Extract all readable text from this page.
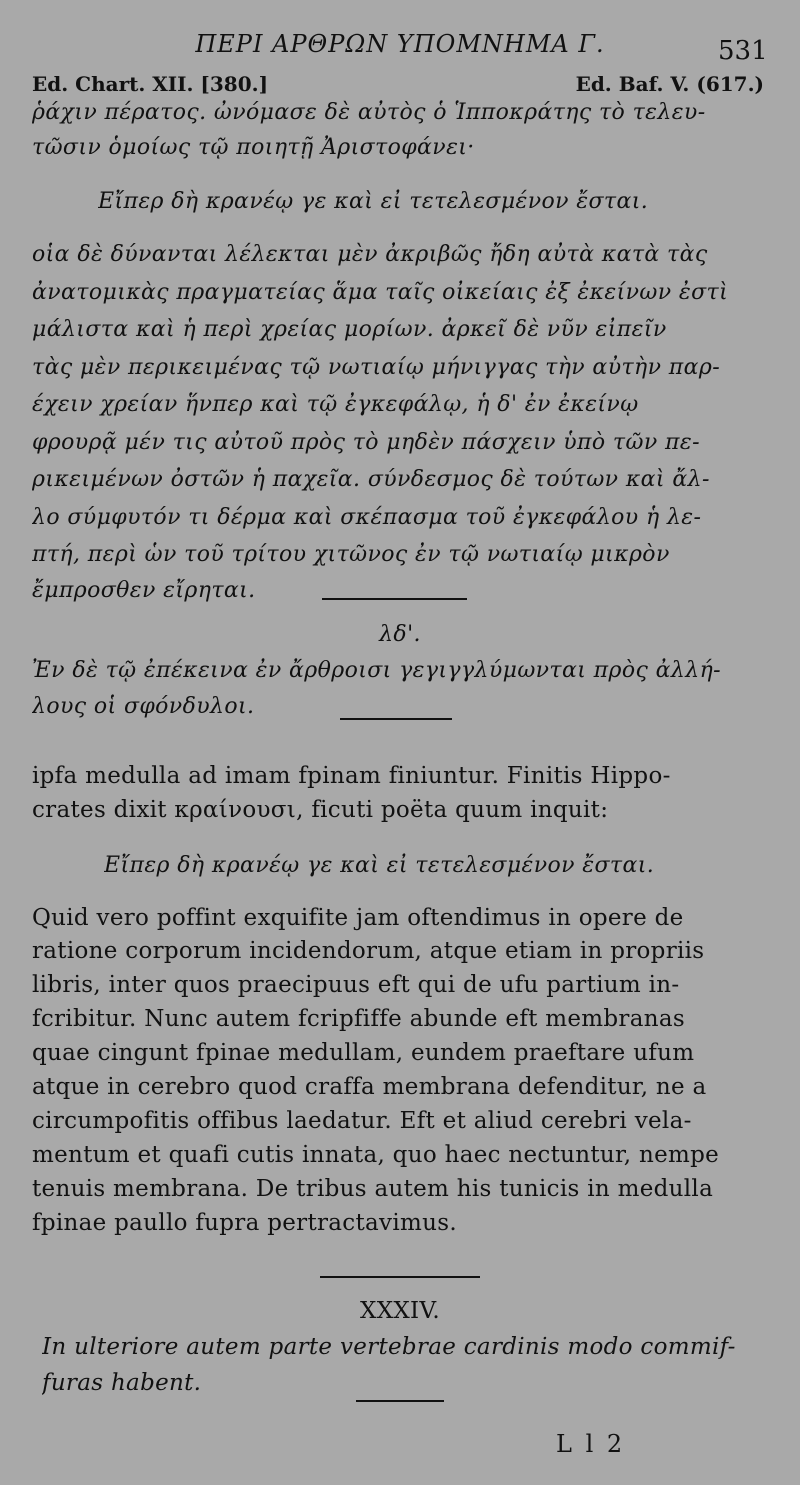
ΠΕΡΙ ΑΡΘΡΩΝ ΥΠΟΜΝΗΜΑ Γ.	531
Ed. Chart. XII. [380.]	Ed. Baf. V. (617.)
ῥάχιν πέρατος. ὠνόμασε δὲ αὐτὸς ὁ Ἱπποκράτης τὸ τελευ-
τῶσιν ὁμοίως τῷ ποιητῇ Ἀριστοφάνει·
Εἴπερ δὴ κρανέῳ γε καὶ εἰ τετελεσμένον ἔσται.
οἷα δὲ δύνανται λέλεκται μὲν ἀκριβῶς ἤδη αὐτὰ κατὰ τὰς
ἀνατομικὰς πραγματείας ἅμα ταῖς οἰκείαις ἐξ ἐκείνων ἐστὶ
μάλιστα καὶ ἡ περὶ χρείας μορίων. ἀρκεῖ δὲ νῦν εἰπεῖν
τὰς μὲν περικειμένας τῷ νωτιαίῳ μήνιγγας τὴν αὐτὴν παρ-
έχειν χρείαν ἥνπερ καὶ τῷ ἐγκεφάλῳ, ἡ δ' ἐν ἐκείνῳ
φρουρᾷ μέν τις αὐτοῦ πρὸς τὸ μηδὲν πάσχειν ὑπὸ τῶν πε-
ρικειμένων ὀστῶν ἡ παχεῖα. σύνδεσμος δὲ τούτων καὶ ἄλ-
λο σύμφυτόν τι δέρμα καὶ σκέπασμα τοῦ ἐγκεφάλου ἡ λε-
πτή, περὶ ὧν τοῦ τρίτου χιτῶνος ἐν τῷ νωτιαίῳ μικρὸν
ἔμπροσθεν εἴρηται.
λδ'.
Ἐν δὲ τῷ ἐπέκεινα ἐν ἄρθροισι γεγιγγλύμωνται πρὸς ἀλλή-
λους οἱ σφόνδυλοι.
ipfa medulla ad imam fpinam finiuntur. Finitis Hippo-
crates dixit κραίνουσι, ficuti poëta quum inquit:
Εἴπερ δὴ κρανέῳ γε καὶ εἰ τετελεσμένον ἔσται.
Quid vero poffint exquifite jam oftendimus in opere de
ratione corporum incidendorum, atque etiam in propriis
libris, inter quos praecipuus eft qui de ufu partium in-
fcribitur. Nunc autem fcripfiffe abunde eft membranas
quae cingunt fpinae medullam, eundem praeftare ufum
atque in cerebro quod craffa membrana defenditur, ne a
circumpofitis offibus laedatur. Eft et aliud cerebri vela-
mentum et quafi cutis innata, quo haec nectuntur, nempe
tenuis membrana. De tribus autem his tunicis in medulla
fpinae paullo fupra pertractavimus.
XXXIV.
In ulteriore autem parte vertebrae cardinis modo commif-
furas habent.
L l 2
